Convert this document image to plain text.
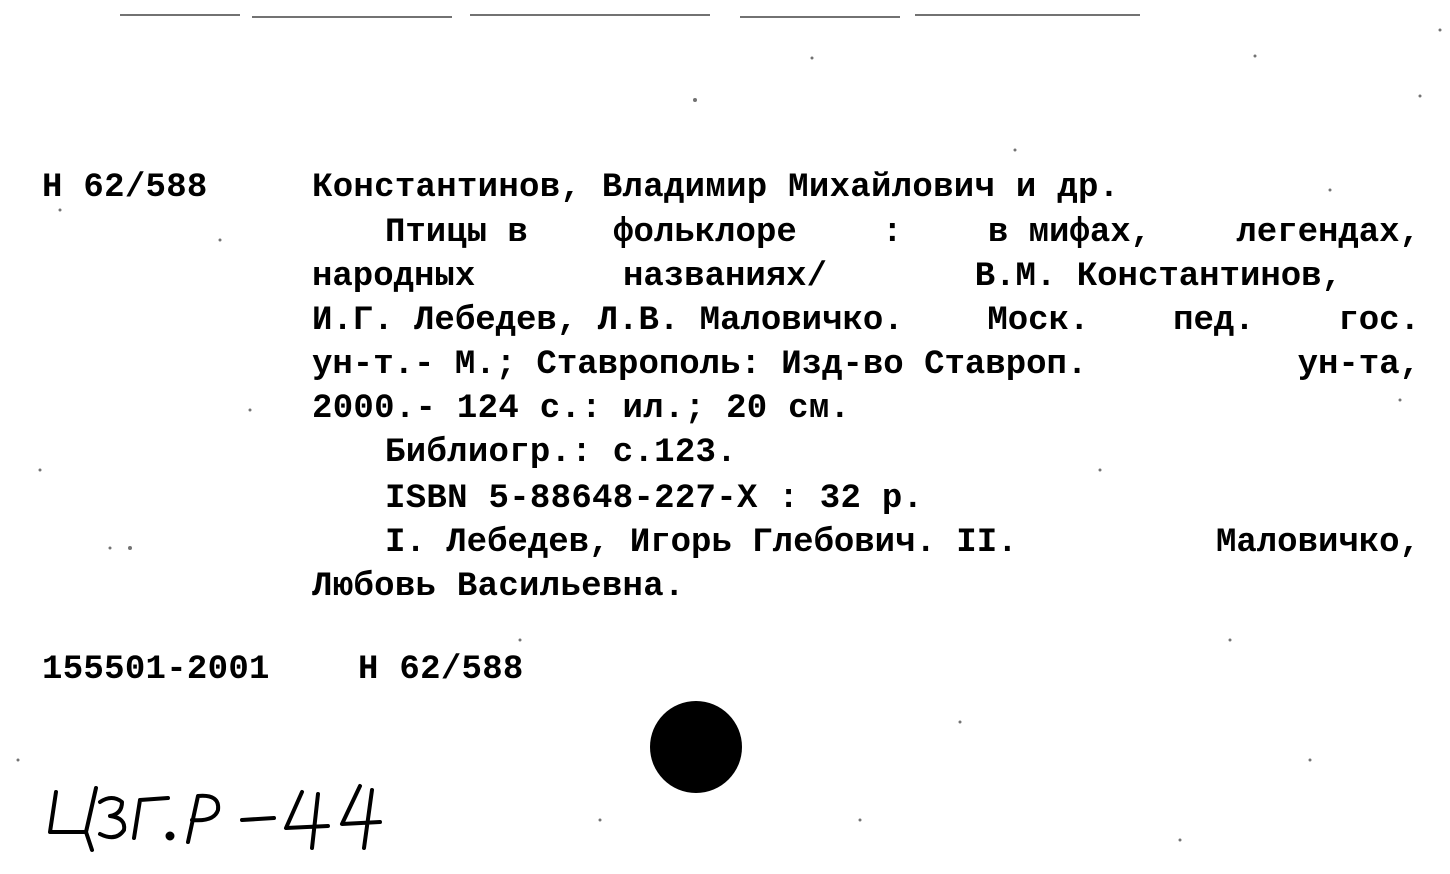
Н 62/588	Константинов, Владимир Михайлович и др.
Птицы в	фольклоре	:	в мифах,	легендах,
народных	названиях/	В.М. Константинов,
И.Г. Лебедев, Л.В. Маловичко. Моск. пед. гос.
ун-т.- М.; Ставрополь: Изд-во Ставроп.	ун-та,
2000.- 124 с.: ил.; 20 см.
Библиогр.: с.123.
ISBN 5-88648-227-X : 32 р.
I. Лебедев, Игорь Глебович. II.	Маловичко,
Любовь Васильевна.
155501-2001	Н 62/588
